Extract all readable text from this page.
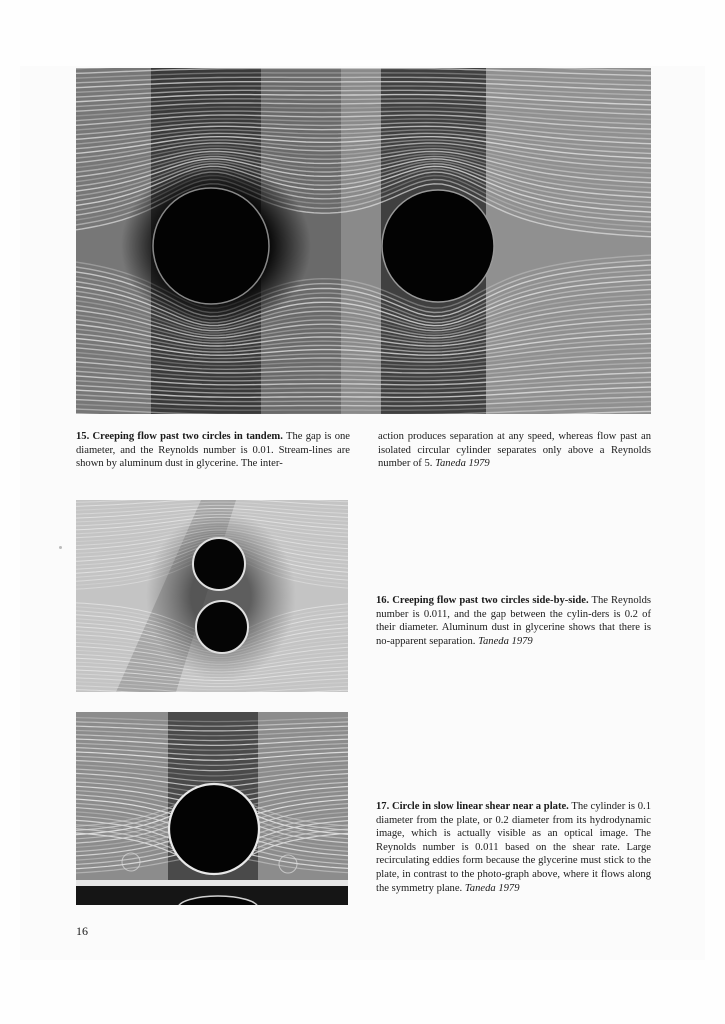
15. Creeping flow past two circles in tandem. The gap is one diameter, and the Reynolds number is 0.01. Stream-lines are shown by aluminum dust in glycerine. The inter-
action produces separation at any speed, whereas flow past an isolated circular cylinder separates only above a Reynolds number of 5. Taneda 1979
16. Creeping flow past two circles side-by-side. The Reynolds number is 0.011, and the gap between the cylin-ders is 0.2 of their diameter. Aluminum dust in glycerine shows that there is no-apparent separation. Taneda 1979
17. Circle in slow linear shear near a plate. The cylinder is 0.1 diameter from the plate, or 0.2 diameter from its hydrodynamic image, which is actually visible as an optical image. The Reynolds number is 0.011 based on the shear rate. Large recirculating eddies form because the glycerine must stick to the plate, in contrast to the photo-graph above, where it flows along the symmetry plane. Taneda 1979
16
